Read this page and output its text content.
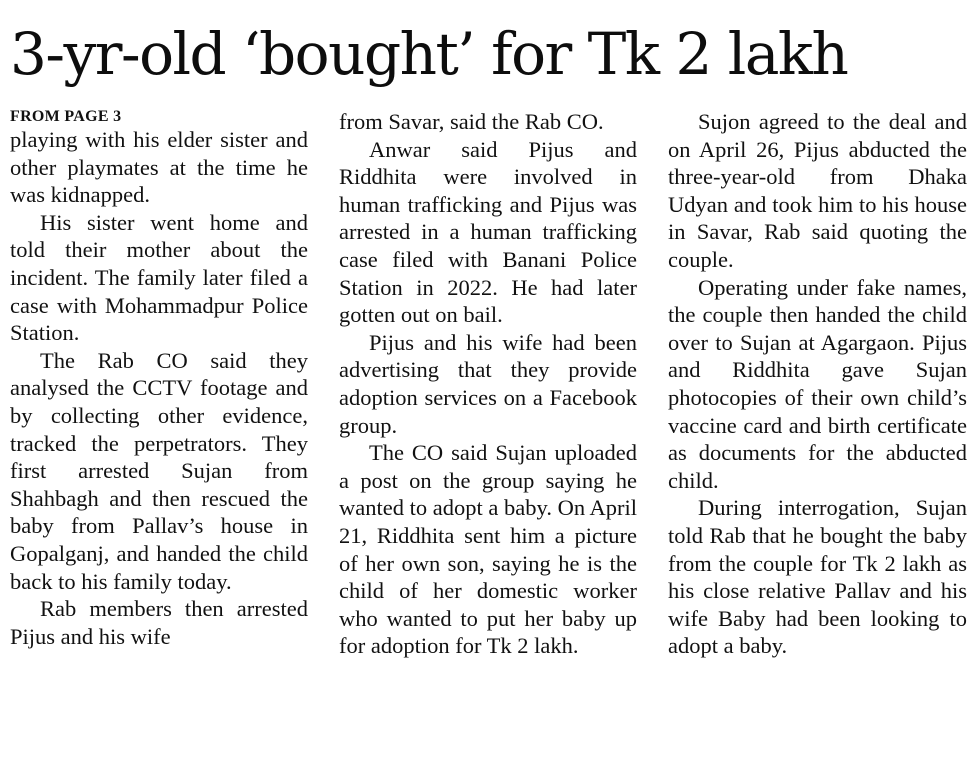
3-yr-old ‘bought’ for Tk 2 lakh
FROM PAGE 3

playing with his elder sister and other playmates at the time he was kidnapped.

His sister went home and told their mother about the incident. The family later filed a case with Mohammadpur Police Station.

The Rab CO said they analysed the CCTV footage and by collecting other evidence, tracked the perpetrators. They first arrested Sujan from Shahbagh and then rescued the baby from Pallav’s house in Gopalganj, and handed the child back to his family today.

Rab members then arrested Pijus and his wife

from Savar, said the Rab CO.

Anwar said Pijus and Riddhita were involved in human trafficking and Pijus was arrested in a human trafficking case filed with Banani Police Station in 2022. He had later gotten out on bail.

Pijus and his wife had been advertising that they provide adoption services on a Facebook group.

The CO said Sujan uploaded a post on the group saying he wanted to adopt a baby. On April 21, Riddhita sent him a picture of her own son, saying he is the child of her domestic worker who wanted to put her baby up for adoption for Tk 2 lakh.

Sujon agreed to the deal and on April 26, Pijus abducted the three-year-old from Dhaka Udyan and took him to his house in Savar, Rab said quoting the couple.

Operating under fake names, the couple then handed the child over to Sujan at Agargaon. Pijus and Riddhita gave Sujan photocopies of their own child’s vaccine card and birth certificate as documents for the abducted child.

During interrogation, Sujan told Rab that he bought the baby from the couple for Tk 2 lakh as his close relative Pallav and his wife Baby had been looking to adopt a baby.
